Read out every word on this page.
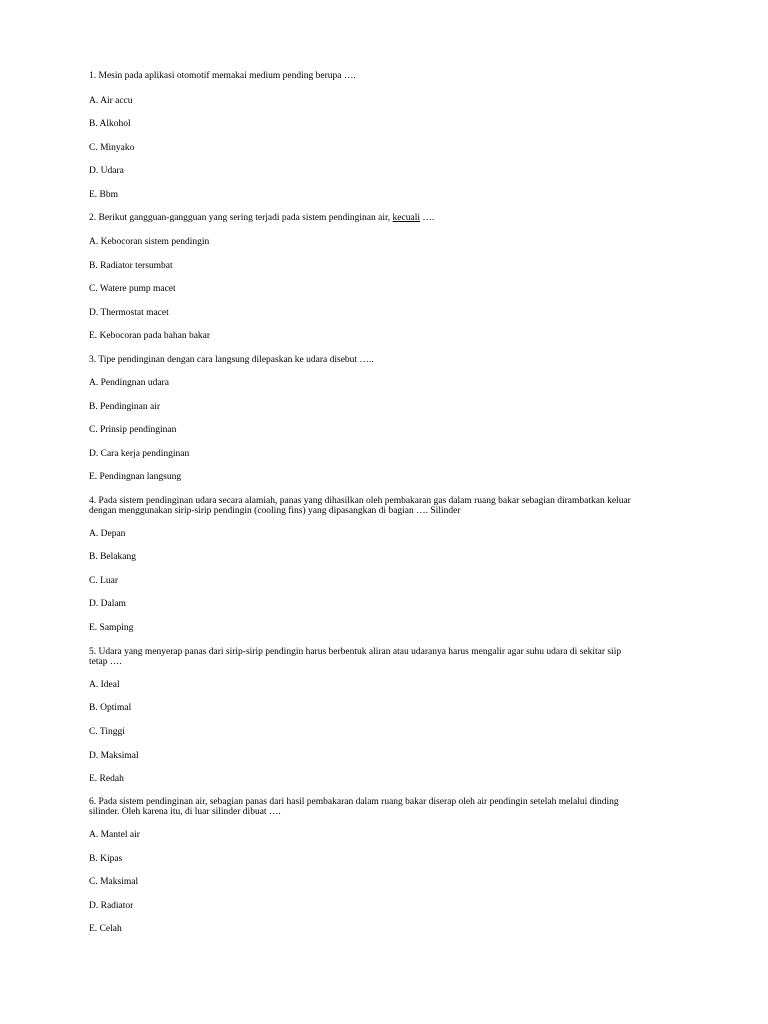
1. Mesin pada aplikasi otomotif memakai medium pending berupa ….
A. Air accu
B. Alkohol
C. Minyako
D. Udara
E. Bbm
2. Berikut gangguan-gangguan yang sering terjadi pada sistem pendinginan air, kecuali ….
A. Kebocoran sistem pendingin
B. Radiator tersumbat
C. Watere pump macet
D. Thermostat macet
E. Kebocoran pada bahan bakar
3. Tipe pendinginan dengan cara langsung dilepaskan ke udara disebut …..
A. Pendingnan udara
B. Pendinginan air
C. Prinsip pendinginan
D. Cara kerja pendinginan
E. Pendingnan langsung
4. Pada sistem pendinginan udara secara alamiah, panas yang dihasilkan oleh pembakaran gas dalam ruang bakar sebagian dirambatkan keluar
dengan menggunakan sirip-sirip pendingin (cooling fins) yang dipasangkan di bagian …. Silinder
A. Depan
B. Belakang
C. Luar
D. Dalam
E. Samping
5. Udara yang menyerap panas dari sirip-sirip pendingin harus berbentuk aliran atau udaranya harus mengalir agar suhu udara di sekitar siip
tetap ….
A. Ideal
B. Optimal
C. Tinggi
D. Maksimal
E. Redah
6. Pada sistem pendinginan air, sebagian panas dari hasil pembakaran dalam ruang bakar diserap oleh air pendingin setelah melalui dinding
silinder. Oleh karena itu, di luar silinder dibuat ….
A. Mantel air
B. Kipas
C. Maksimal
D. Radiator
E. Celah
